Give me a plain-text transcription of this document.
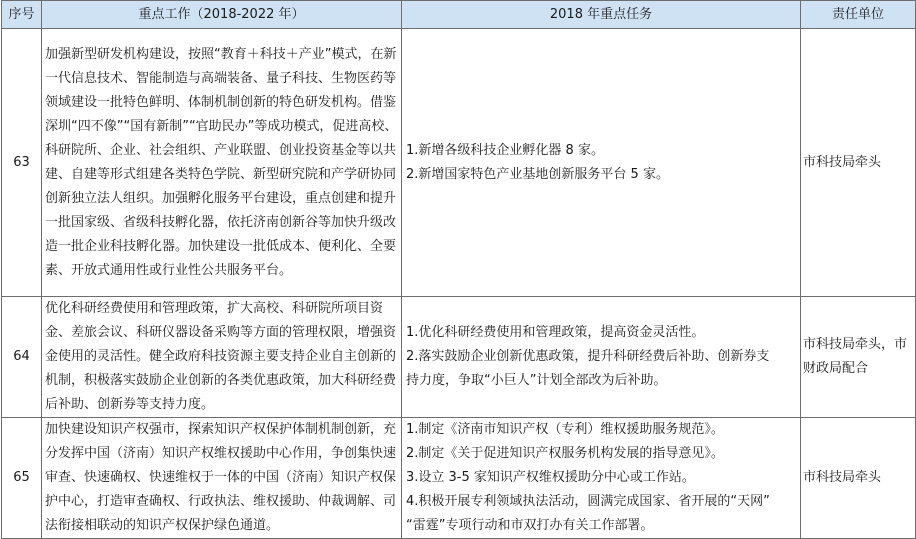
序号	重点工作（2018-2022 年）	2018 年重点任务	责任单位
63	加强新型研发机构建设，按照“教育＋科技＋产业”模式，在新一代信息技术、智能制造与高端装备、量子科技、生物医药等领域建设一批特色鲜明、体制机制创新的特色研发机构。借鉴深圳“四不像”“国有新制”“官助民办”等成功模式，促进高校、科研院所、企业、社会组织、产业联盟、创业投资基金等以共建、自建等形式组建各类特色学院、新型研究院和产学研协同创新独立法人组织。加强孵化服务平台建设，重点创建和提升一批国家级、省级科技孵化器，依托济南创新谷等加快升级改造一批企业科技孵化器。加快建设一批低成本、便利化、全要素、开放式通用性或行业性公共服务平台。	1.新增各级科技企业孵化器 8 家。
2.新增国家特色产业基地创新服务平台 5 家。	市科技局牵头
64	优化科研经费使用和管理政策，扩大高校、科研院所项目资金、差旅会议、科研仪器设备采购等方面的管理权限，增强资金使用的灵活性。健全政府科技资源主要支持企业自主创新的机制，积极落实鼓励企业创新的各类优惠政策，加大科研经费后补助、创新券等支持力度。	1.优化科研经费使用和管理政策，提高资金灵活性。
2.落实鼓励企业创新优惠政策，提升科研经费后补助、创新券支
持力度，争取“小巨人”计划全部改为后补助。	市科技局牵头，市财政局配合
65	加快建设知识产权强市，探索知识产权保护体制机制创新，充分发挥中国（济南）知识产权维权援助中心作用，争创集快速审查、快速确权、快速维权于一体的中国（济南）知识产权保护中心，打造审查确权、行政执法、维权援助、仲裁调解、司法衔接相联动的知识产权保护绿色通道。	1.制定《济南市知识产权（专利）维权援助服务规范》。
2.制定《关于促进知识产权服务机构发展的指导意见》。
3.设立 3-5 家知识产权维权援助分中心或工作站。
4.积极开展专利领域执法活动，圆满完成国家、省开展的“天网”
“雷霆”专项行动和市双打办有关工作部署。	市科技局牵头
